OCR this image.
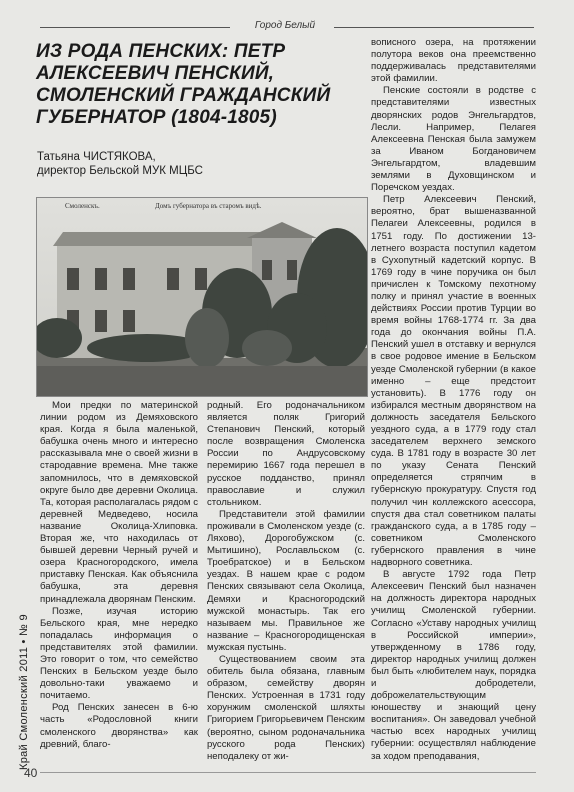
Город Белый
ИЗ РОДА ПЕНСКИХ: ПЕТР АЛЕКСЕЕВИЧ ПЕНСКИЙ, СМОЛЕНСКИЙ ГРАЖДАНСКИЙ ГУБЕРНАТОР (1804-1805)
Татьяна ЧИСТЯКОВА,
директор Бельской МУК МЦБС
Смоленскъ.	Домъ губернатора въ старомъ видѣ.

Мои предки по материнской линии родом из Демяховского края. Когда я была маленькой, бабушка очень много и интересно рассказывала мне о своей жизни в стародавние времена. Мне также запомнилось, что в демяховской округе было две деревни Околица. Та, которая располагалась рядом с деревней Медведево, носила название Околица-Хлиповка. Вторая же, что находилась от бывшей деревни Черный ручей и озера Красногородского, имела приставку Пенская. Как объяснила бабушка, эта деревня принадлежала дворянам Пенским.

Позже, изучая историю Бельского края, мне нередко попадалась информация о представителях этой фамилии. Это говорит о том, что семейство Пенских в Бельском уезде было довольно-таки уважаемо и почитаемо.

Род Пенских занесен в 6-ю часть «Родословной книги смоленского дворянства» как древний, благо-

родный. Его родоначальником является поляк Григорий Степанович Пенский, который после возвращения Смоленска России по Андрусовскому перемирию 1667 года перешел в русское подданство, принял православие и служил стольником.

Представители этой фамилии проживали в Смоленском уезде (с. Ляхово), Дорогобужском (с. Мытишино), Рославльском (с. Троебратское) и в Бельском уездах. В нашем крае с родом Пенских связывают села Околица, Демяхи и Красногородский мужской монастырь. Так его называем мы. Правильное же название – Красногородищенская мужская пустынь.

Существованием своим эта обитель была обязана, главным образом, семейству дворян Пенских. Устроенная в 1731 году хорунжим смоленской шляхты Григорием Григорьевичем Пенским (вероятно, сыном родоначальника русского рода Пенских) неподалеку от жи-

вописного озера, на протяжении полутора веков она преемственно поддерживалась представителями этой фамилии.

Пенские состояли в родстве с представителями известных дворянских родов Энгельгардтов, Лесли. Например, Пелагея Алексеевна Пенская была замужем за Иваном Богдановичем Энгельгардтом, владевшим землями в Духовщинском и Поречском уездах.

Петр Алексеевич Пенский, вероятно, брат вышеназванной Пелагеи Алексеевны, родился в 1751 году. По достижении 13-летнего возраста поступил кадетом в Сухопутный кадетский корпус. В 1769 году в чине поручика он был причислен к Томскому пехотному полку и принял участие в военных действиях России против Турции во время войны 1768-1774 гг. За два года до окончания войны П.А. Пенский ушел в отставку и вернулся в свое родовое имение в Бельском уезде Смоленской губернии (в какое именно – еще предстоит установить). В 1776 году он избирался местным дворянством на должность заседателя Бельского уездного суда, а в 1779 году стал заседателем верхнего земского суда. В 1781 году в возрасте 30 лет по указу Сената Пенский определяется стряпчим в губернскую прокуратуру. Спустя год получил чин коллежского асессора, спустя два стал советником палаты гражданского суда, а в 1785 году – советником Смоленского губернского правления в чине надворного советника.

В августе 1792 года Петр Алексеевич Пенский был назначен на должность директора народных училищ Смоленской губернии. Согласно «Уставу народных училищ в Российской империи», утвержденному в 1786 году, директор народных училищ должен был быть «любителем наук, порядка и добродетели, доброжелательствующим юношеству и знающий цену воспитания». Он заведовал учебной частью всех народных училищ губернии: осуществлял наблюдение за ходом преподавания,

Край Смоленский 2011 • № 9
40
